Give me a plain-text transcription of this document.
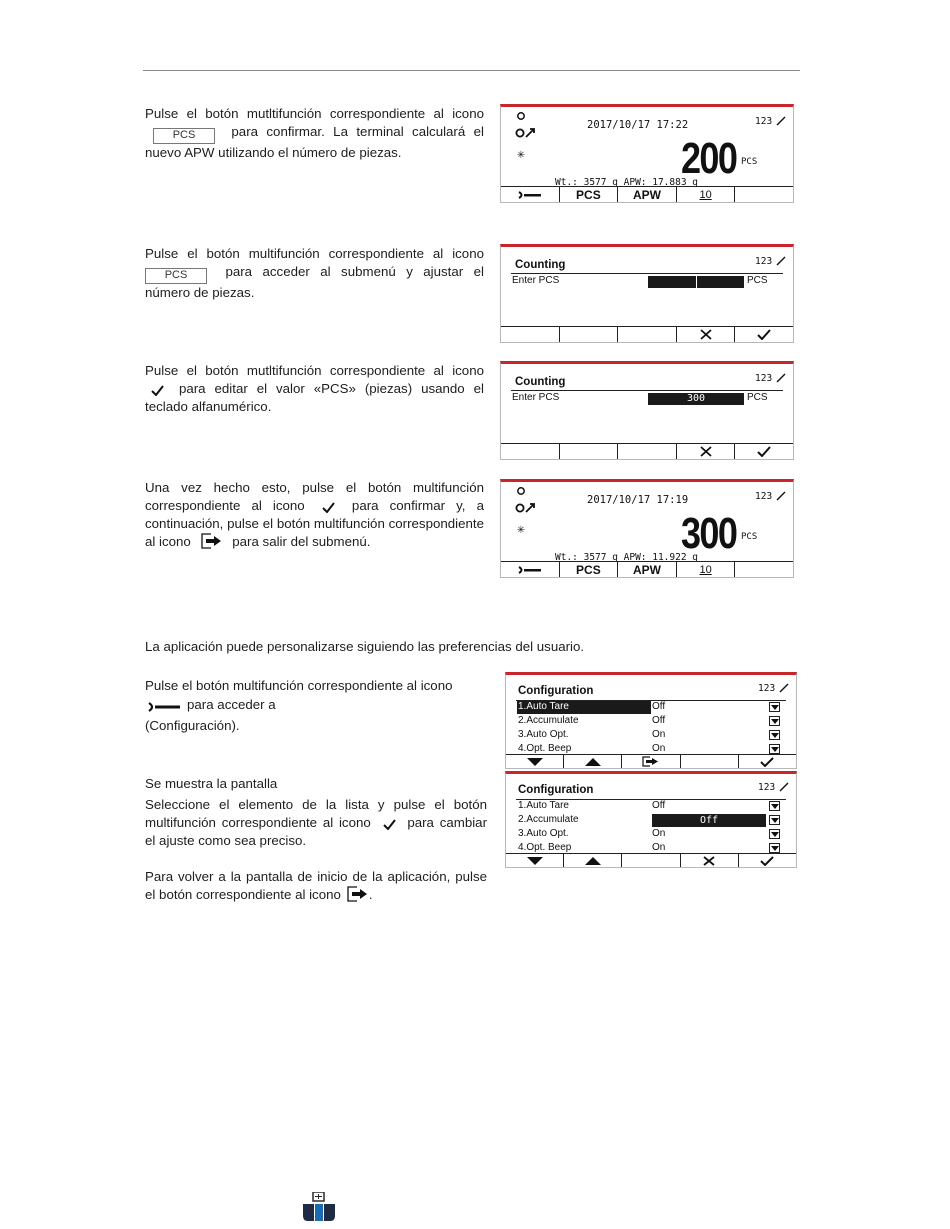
Pulse el botón mutltifunción correspondiente al icono PCS	para confirmar. La terminal calculará el nuevo APW utilizando el número de piezas.

2017/10/17 17:22	123
✳	200 PCS
Wt.: 3577 g APW: 17.883 g
PCS	APW	10

Pulse el botón multifunción correspondiente al icono PCS	para acceder al submenú y ajustar el número de piezas.

Counting	123
Enter PCS	PCS

Pulse el botón mutltifunción correspondiente al icono  para editar el valor «PCS» (piezas) usando el teclado alfanumérico.

Counting	123
Enter PCS	300	PCS

Una vez hecho esto, pulse el botón multifunción correspondiente al icono	para confirmar y, a continuación, pulse el botón multifunción correspondiente al icono	para salir del submenú.

2017/10/17 17:19	123
✳	300 PCS
Wt.: 3577 g APW: 11.922 g
PCS	APW	10

La aplicación puede personalizarse siguiendo las preferencias del usuario.

Pulse el botón multifunción correspondiente al icono

para acceder a

(Configuración).

Configuration	123
1.Auto Tare	Off
2.Accumulate	Off
3.Auto Opt.	On
4.Opt. Beep	On

Se muestra la pantalla

Seleccione el elemento de la lista y pulse el botón multifunción correspondiente al icono	para cambiar el ajuste como sea preciso.

Para volver a la pantalla de inicio de la aplicación, pulse el botón correspondiente al icono .

Configuration	123
1.Auto Tare	Off
2.Accumulate	Off
3.Auto Opt.	On
4.Opt. Beep	On
